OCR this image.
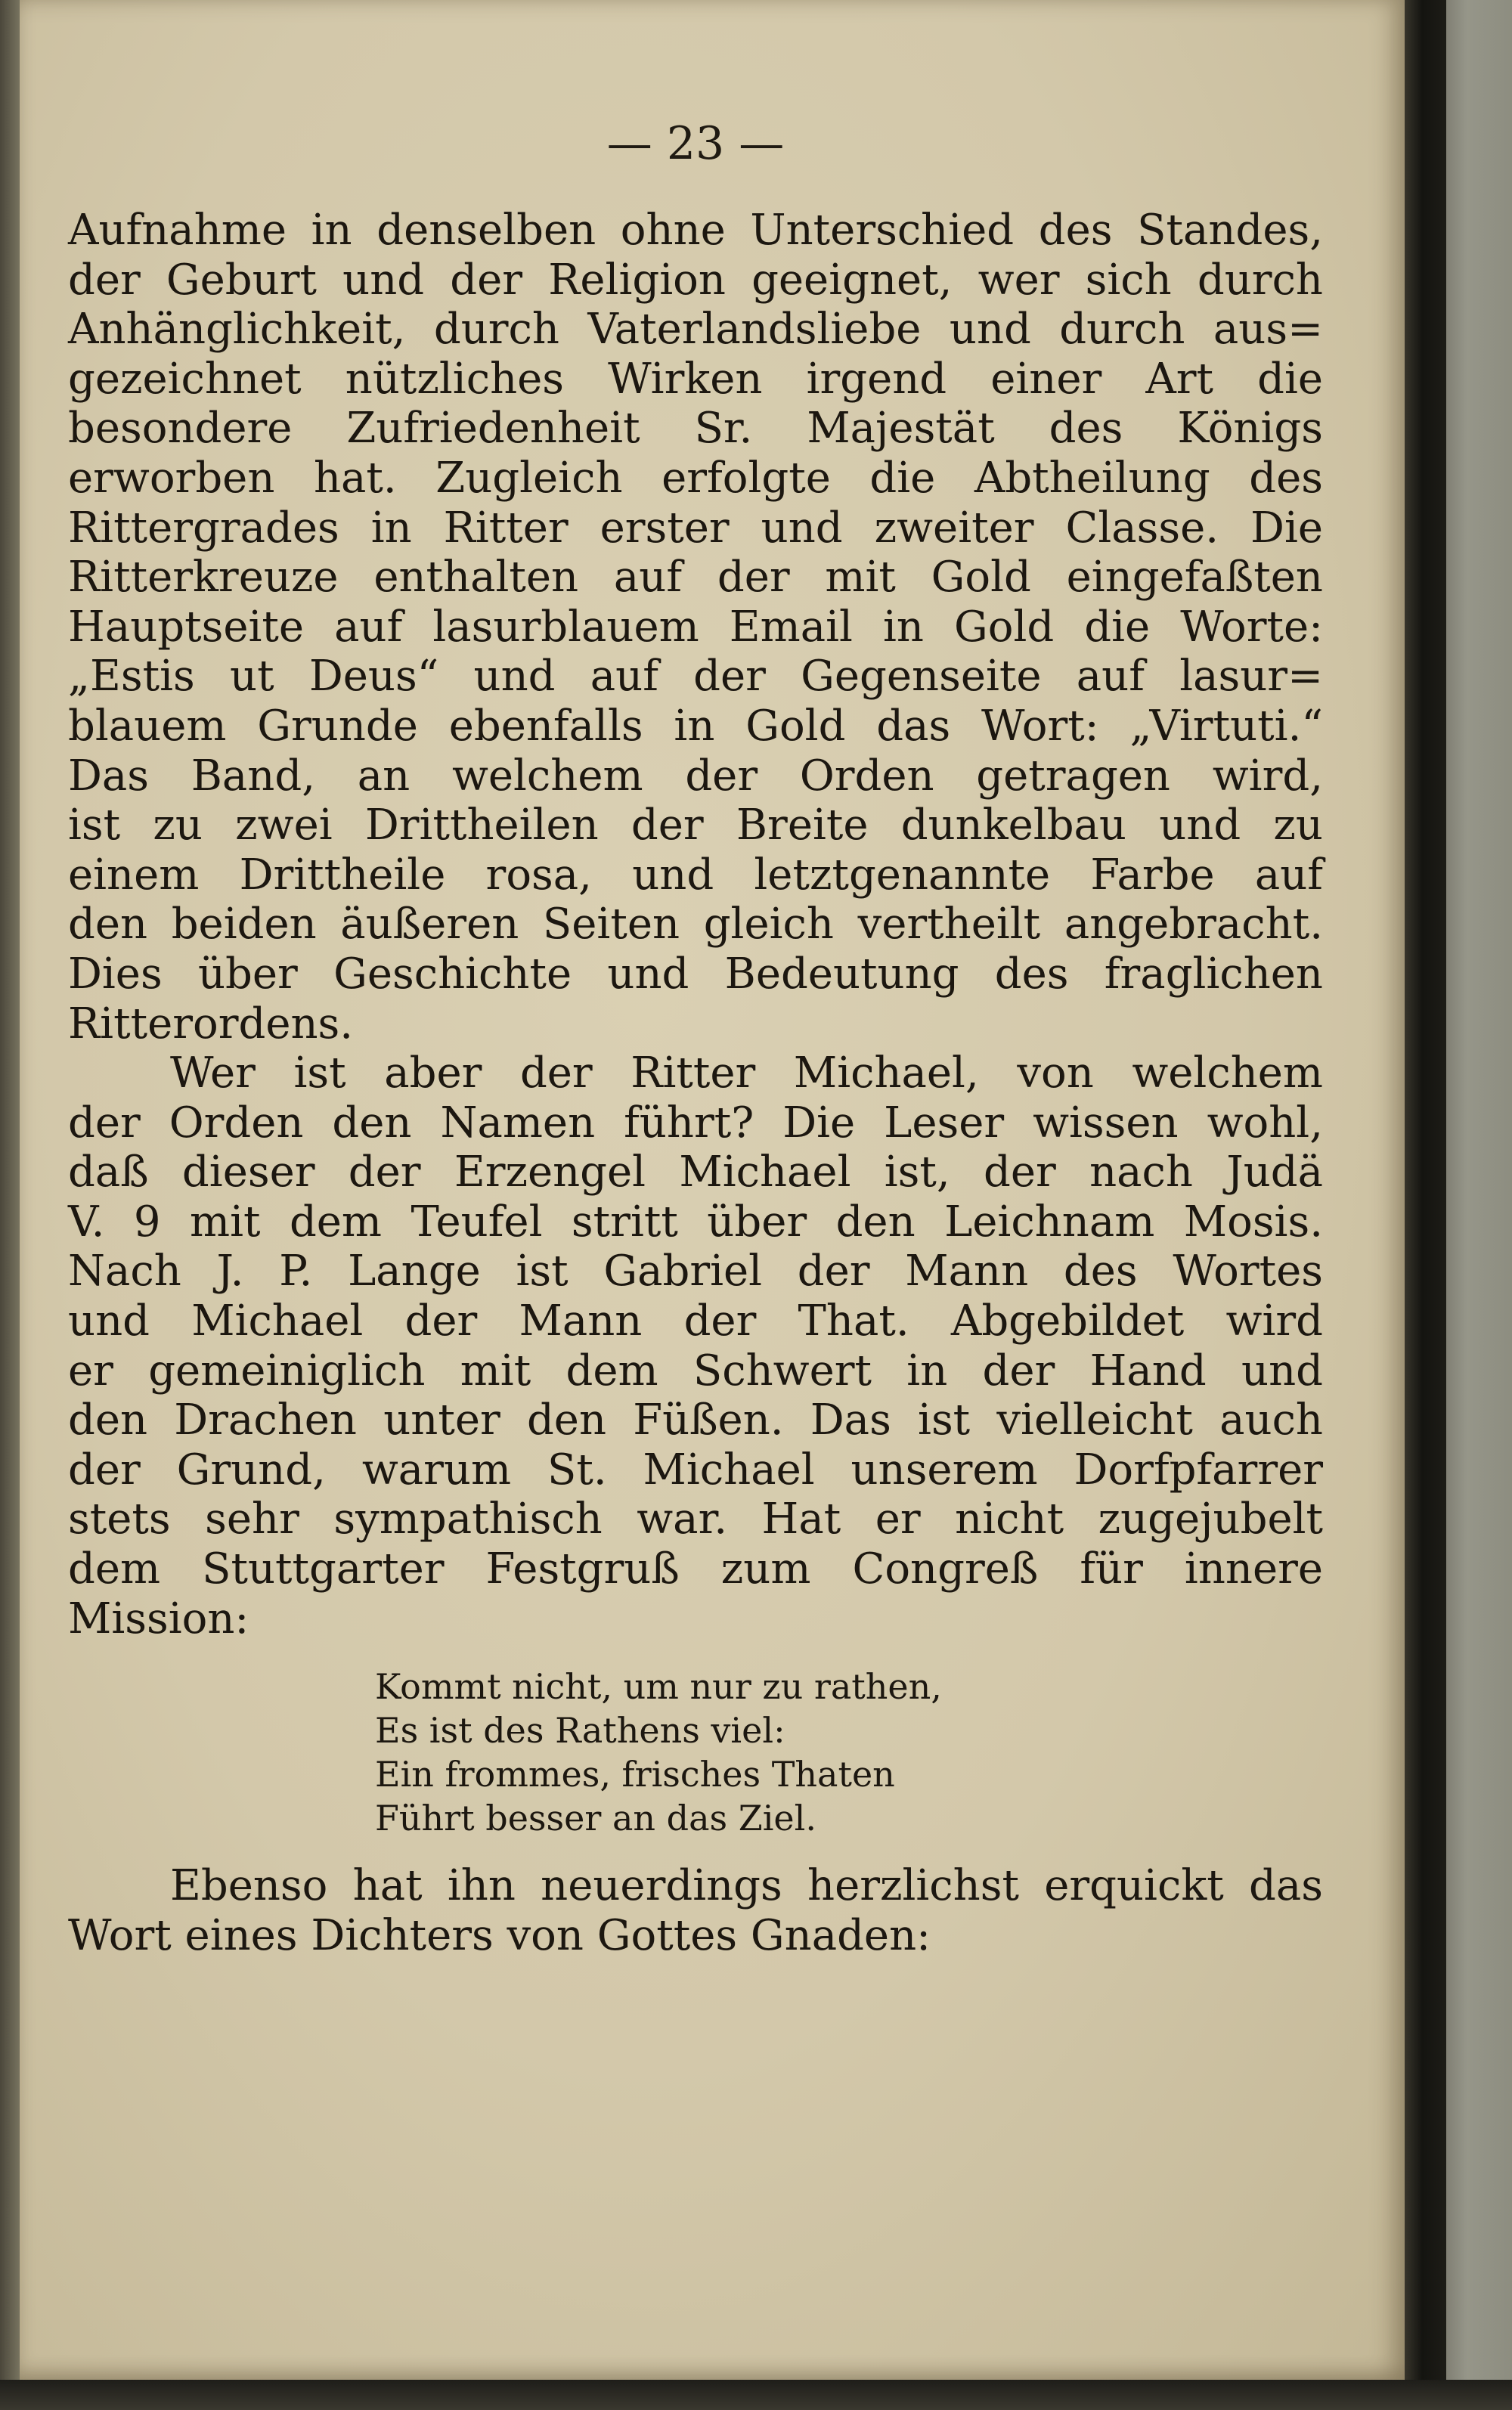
— 23 —

Aufnahme in denselben ohne Unterschied des Standes,
der Geburt und der Religion geeignet, wer sich durch
Anhänglichkeit, durch Vaterlandsliebe und durch aus=
gezeichnet nützliches Wirken irgend einer Art die
besondere Zufriedenheit Sr. Majestät des Königs
erworben hat. Zugleich erfolgte die Abtheilung des
Rittergrades in Ritter erster und zweiter Classe. Die
Ritterkreuze enthalten auf der mit Gold eingefaßten
Hauptseite auf lasurblauem Email in Gold die Worte:
„Estis ut Deus“ und auf der Gegenseite auf lasur=
blauem Grunde ebenfalls in Gold das Wort: „Virtuti.“
Das Band, an welchem der Orden getragen wird,
ist zu zwei Drittheilen der Breite dunkelbau und zu
einem Drittheile rosa, und letztgenannte Farbe auf
den beiden äußeren Seiten gleich vertheilt angebracht.
Dies über Geschichte und Bedeutung des fraglichen
Ritterordens.

Wer ist aber der Ritter Michael, von welchem
der Orden den Namen führt? Die Leser wissen wohl,
daß dieser der Erzengel Michael ist, der nach Judä
V. 9 mit dem Teufel stritt über den Leichnam Mosis.
Nach J. P. Lange ist Gabriel der Mann des Wortes
und Michael der Mann der That. Abgebildet wird
er gemeiniglich mit dem Schwert in der Hand und
den Drachen unter den Füßen. Das ist vielleicht auch
der Grund, warum St. Michael unserem Dorfpfarrer
stets sehr sympathisch war. Hat er nicht zugejubelt
dem Stuttgarter Festgruß zum Congreß für innere
Mission:

Kommt nicht, um nur zu rathen,
Es ist des Rathens viel:
Ein frommes, frisches Thaten
Führt besser an das Ziel.

Ebenso hat ihn neuerdings herzlichst erquickt das
Wort eines Dichters von Gottes Gnaden:
